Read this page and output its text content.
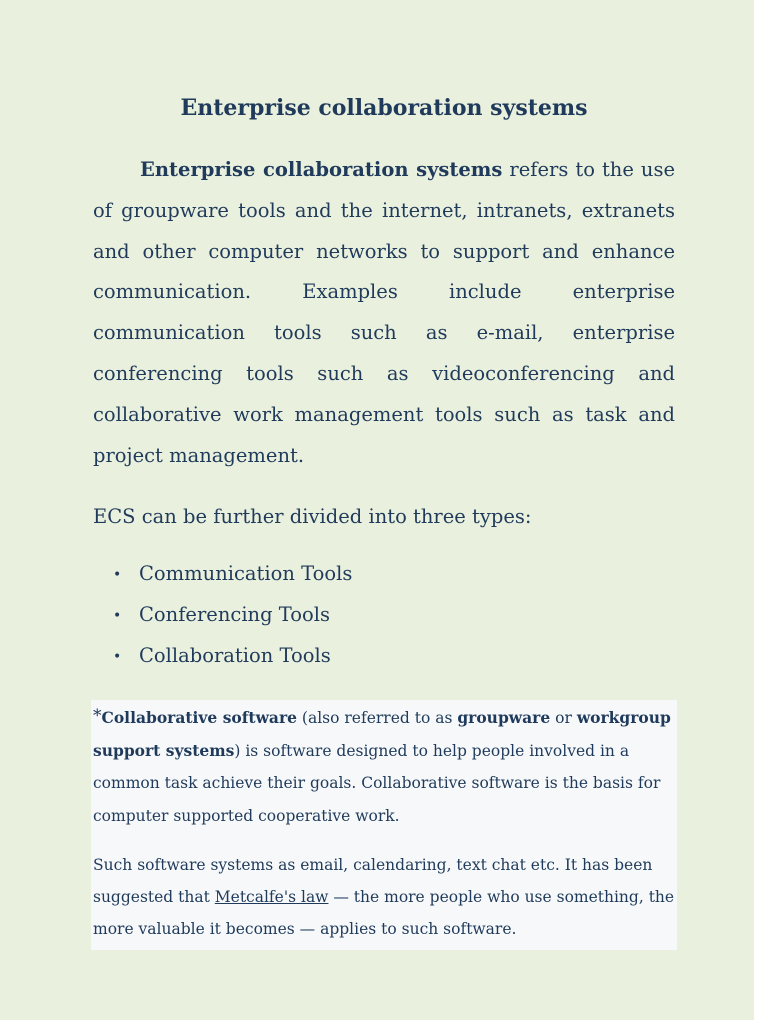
Enterprise collaboration systems

Enterprise collaboration systems refers to the use of groupware tools and the internet, intranets, extranets and other computer networks to support and enhance communication. Examples include enterprise communication tools such as e-mail, enterprise conferencing tools such as videoconferencing and collaborative work management tools such as task and project management.

ECS can be further divided into three types:

• Communication Tools
• Conferencing Tools
• Collaboration Tools

*Collaborative software (also referred to as groupware or workgroup support systems) is software designed to help people involved in a common task achieve their goals. Collaborative software is the basis for computer supported cooperative work.

Such software systems as email, calendaring, text chat etc. It has been suggested that Metcalfe's law — the more people who use something, the more valuable it becomes — applies to such software.
